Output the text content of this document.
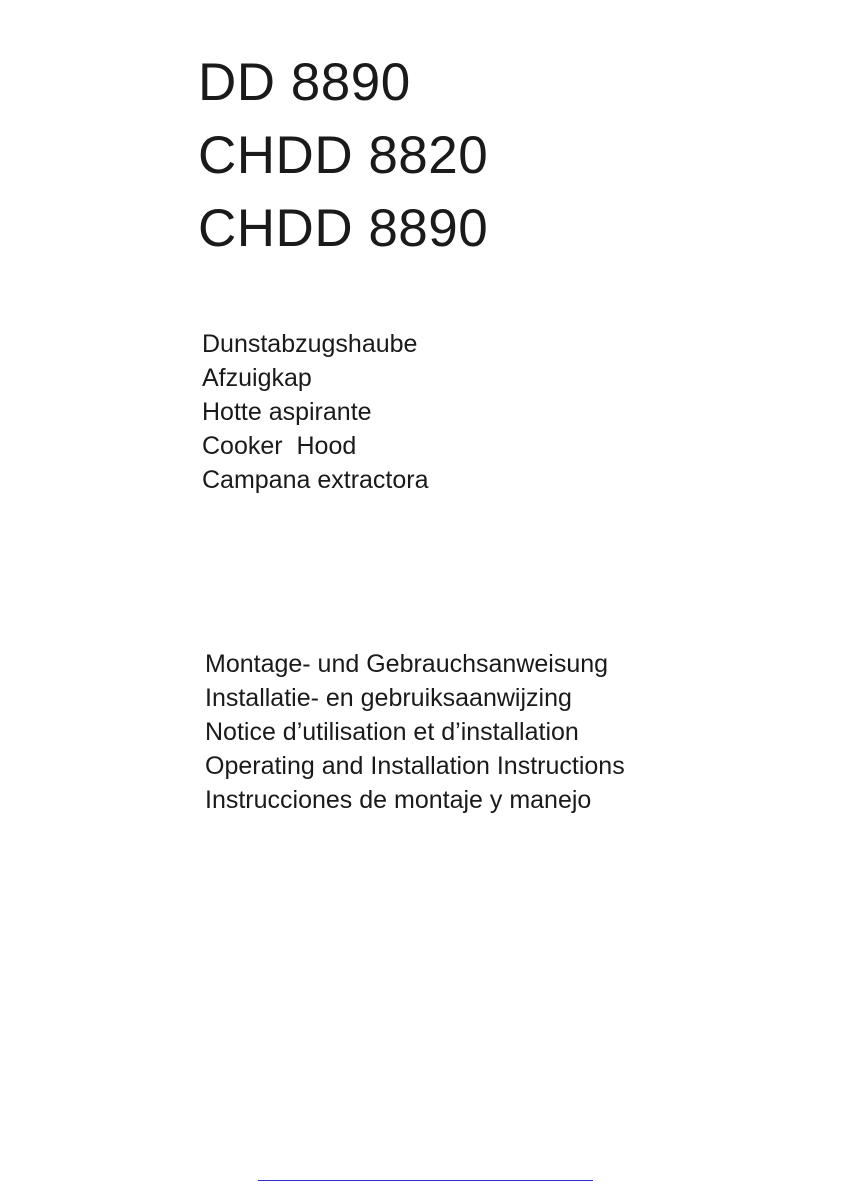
DD 8890
CHDD 8820
CHDD 8890
Dunstabzugshaube
Afzuigkap
Hotte aspirante
Cooker  Hood
Campana extractora
Montage- und Gebrauchsanweisung
Installatie- en gebruiksaanwijzing
Notice d’utilisation et d’installation
Operating and Installation Instructions
Instrucciones de montaje y manejo
